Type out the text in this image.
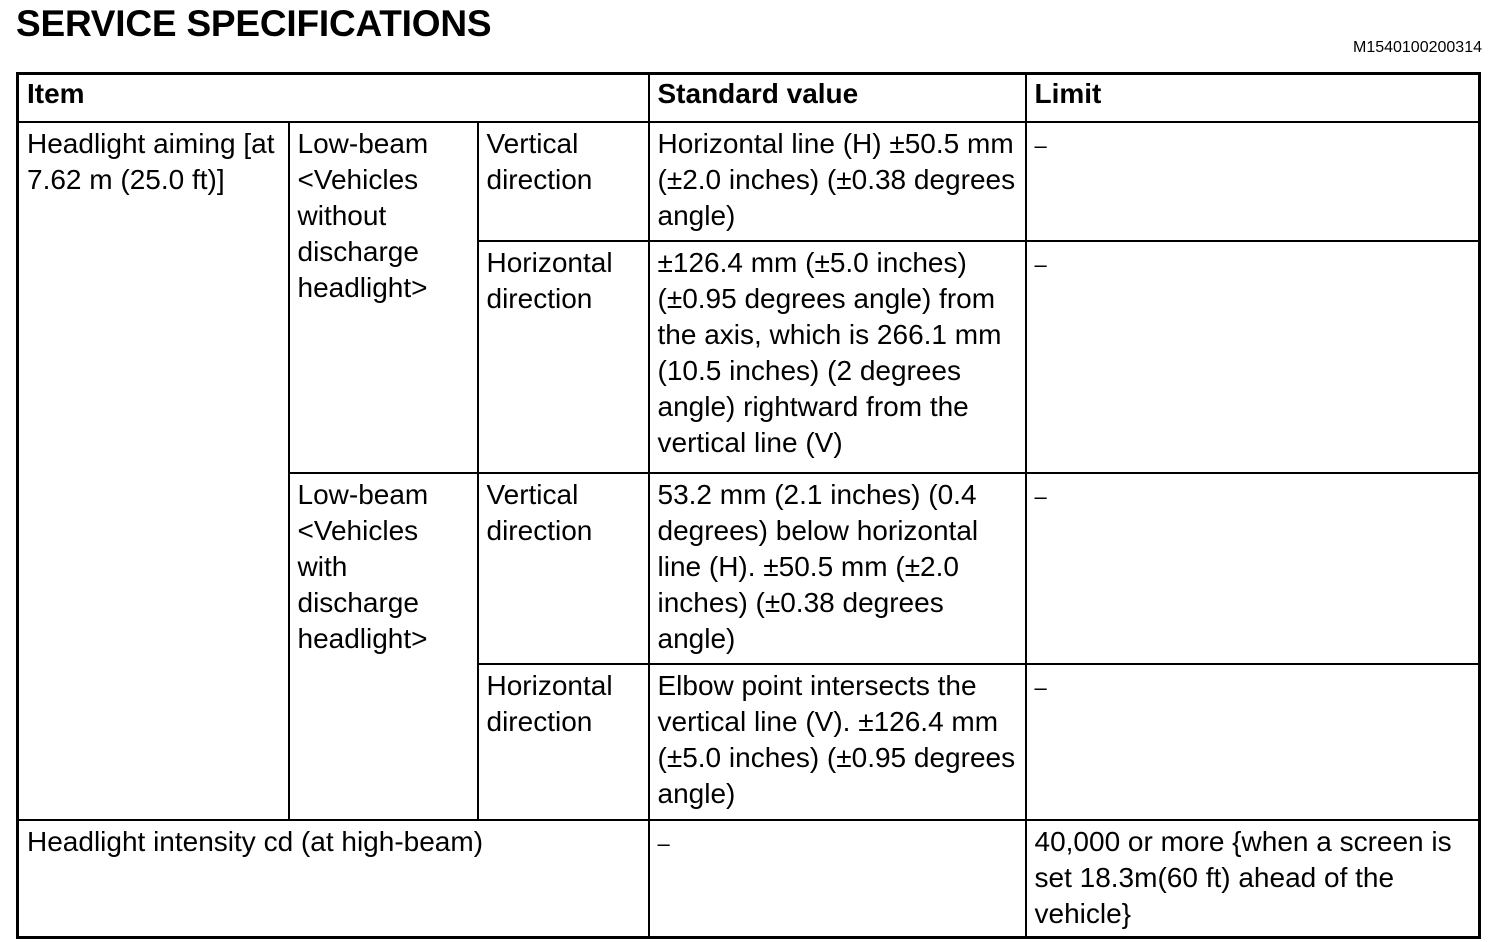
SERVICE SPECIFICATIONS
M1540100200314
Item			Standard value	Limit
Headlight aiming [at 7.62 m (25.0 ft)]	Low-beam <Vehicles without discharge headlight>	Vertical direction	Horizontal line (H) ±50.5 mm (±2.0 inches) (±0.38 degrees angle)	–
		Horizontal direction	±126.4 mm (±5.0 inches) (±0.95 degrees angle) from the axis, which is 266.1 mm (10.5 inches) (2 degrees angle) rightward from the vertical line (V)	–
	Low-beam <Vehicles with discharge headlight>	Vertical direction	53.2 mm (2.1 inches) (0.4 degrees) below horizontal line (H). ±50.5 mm (±2.0 inches) (±0.38 degrees angle)	–
		Horizontal direction	Elbow point intersects the vertical line (V). ±126.4 mm (±5.0 inches) (±0.95 degrees angle)	–
Headlight intensity cd (at high-beam)			–	40,000 or more {when a screen is set 18.3m(60 ft) ahead of the vehicle}
